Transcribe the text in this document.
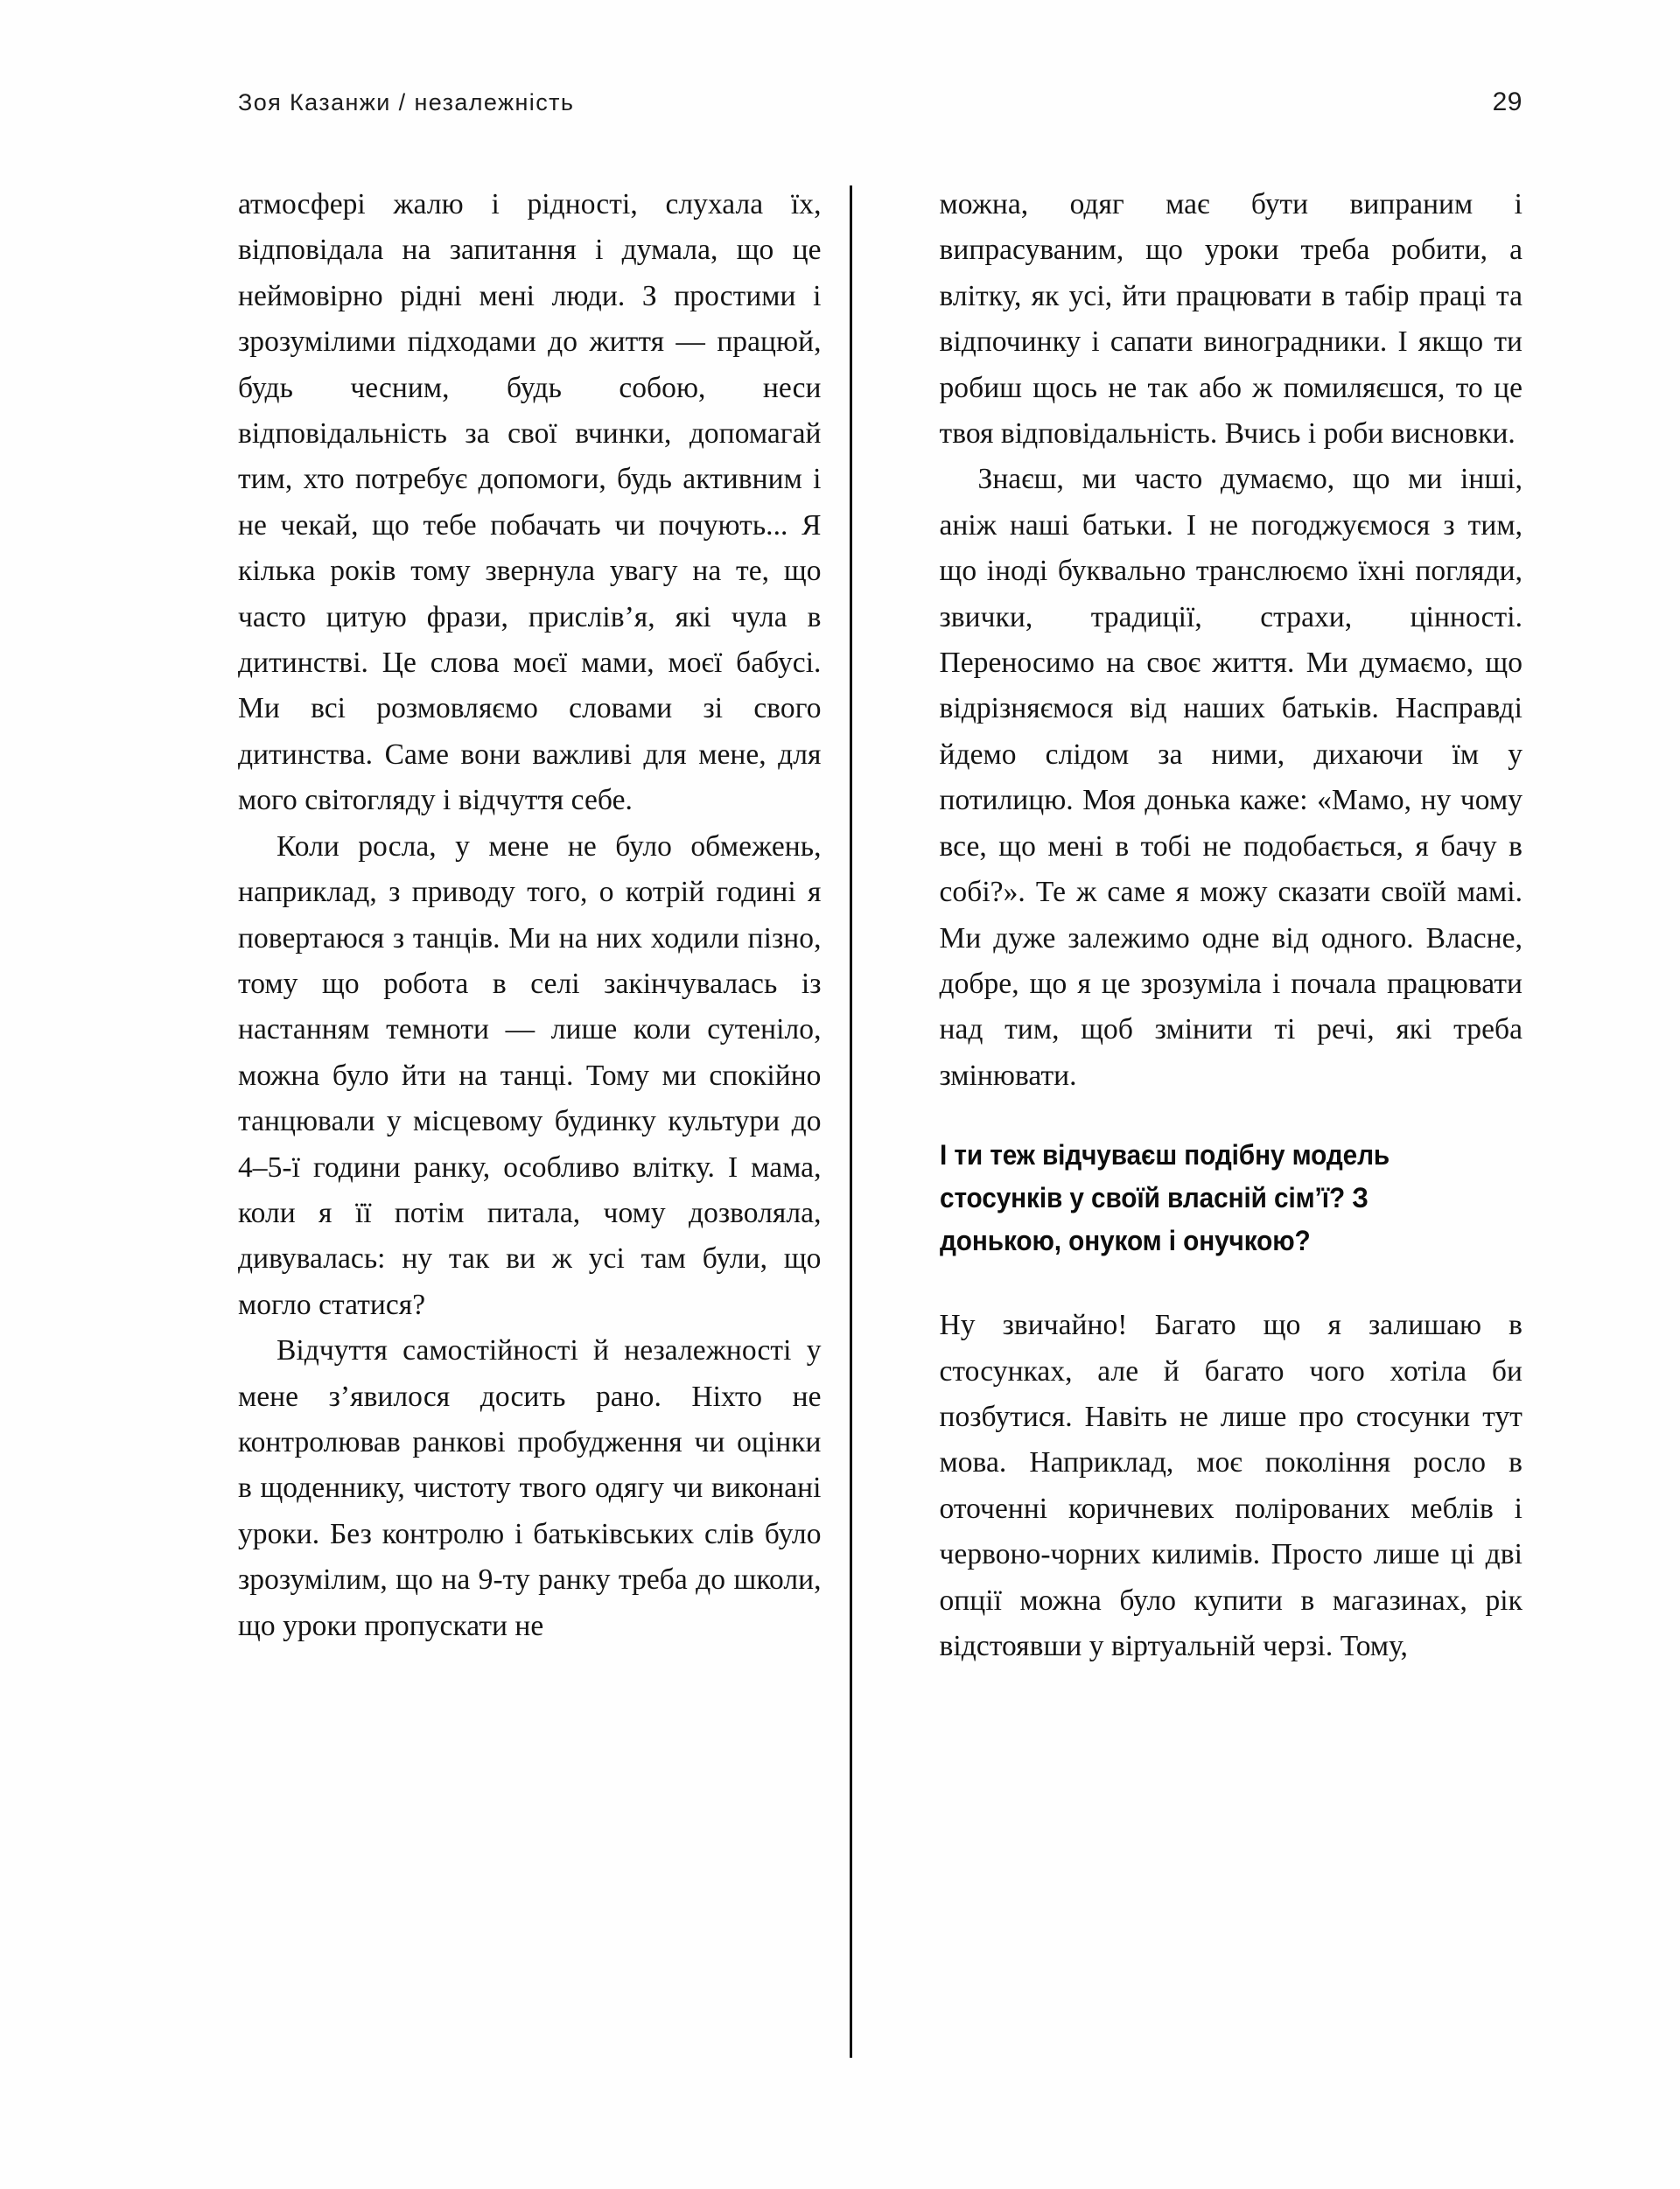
Зоя Казанжи / незалежність	29

атмосфері жалю і рідності, слухала їх, відповідала на запитання і думала, що це неймовірно рідні мені люди. З простими і зрозумілими підходами до життя — працюй, будь чесним, будь собою, неси відповідальність за свої вчинки, допомагай тим, хто потребує допомоги, будь активним і не чекай, що тебе побачать чи почують... Я кілька років тому звернула увагу на те, що часто цитую фрази, прислів’я, які чула в дитинстві. Це слова моєї мами, моєї бабусі. Ми всі розмовляємо словами зі свого дитинства. Саме вони важливі для мене, для мого світогляду і відчуття себе.

Коли росла, у мене не було обмежень, наприклад, з приводу того, о котрій годині я повертаюся з танців. Ми на них ходили пізно, тому що робота в селі закінчувалась із настанням темноти — лише коли сутеніло, можна було йти на танці. Тому ми спокійно танцювали у місцевому будинку культури до 4–5-ї години ранку, особливо влітку. І мама, коли я її потім питала, чому дозволяла, дивувалась: ну так ви ж усі там були, що могло статися?

Відчуття самостійності й незалежності у мене з’явилося досить рано. Ніхто не контролював ранкові пробудження чи оцінки в щоденнику, чистоту твого одягу чи виконані уроки. Без контролю і батьківських слів було зрозумілим, що на 9-ту ранку треба до школи, що уроки пропускати не

можна, одяг має бути випраним і випрасуваним, що уроки треба робити, а влітку, як усі, йти працювати в табір праці та відпочинку і сапати виноградники. І якщо ти робиш щось не так або ж помиляєшся, то це твоя відповідальність. Вчись і роби висновки.

Знаєш, ми часто думаємо, що ми інші, аніж наші батьки. І не погоджуємося з тим, що іноді буквально транслюємо їхні погляди, звички, традиції, страхи, цінності. Переносимо на своє життя. Ми думаємо, що відрізняємося від наших батьків. Насправді йдемо слідом за ними, дихаючи їм у потилицю. Моя донька каже: «Мамо, ну чому все, що мені в тобі не подобається, я бачу в собі?». Те ж саме я можу сказати своїй мамі. Ми дуже залежимо одне від одного. Власне, добре, що я це зрозуміла і почала працювати над тим, щоб змінити ті речі, які треба змінювати.

І ти теж відчуваєш подібну модель стосунків у своїй власній сім’ї? З донькою, онуком і онучкою?

Ну звичайно! Багато що я залишаю в стосунках, але й багато чого хотіла би позбутися. Навіть не лише про стосунки тут мова. Наприклад, моє покоління росло в оточенні коричневих полірованих меблів і червоно-чорних килимів. Просто лише ці дві опції можна було купити в магазинах, рік відстоявши у віртуальній черзі. Тому,
